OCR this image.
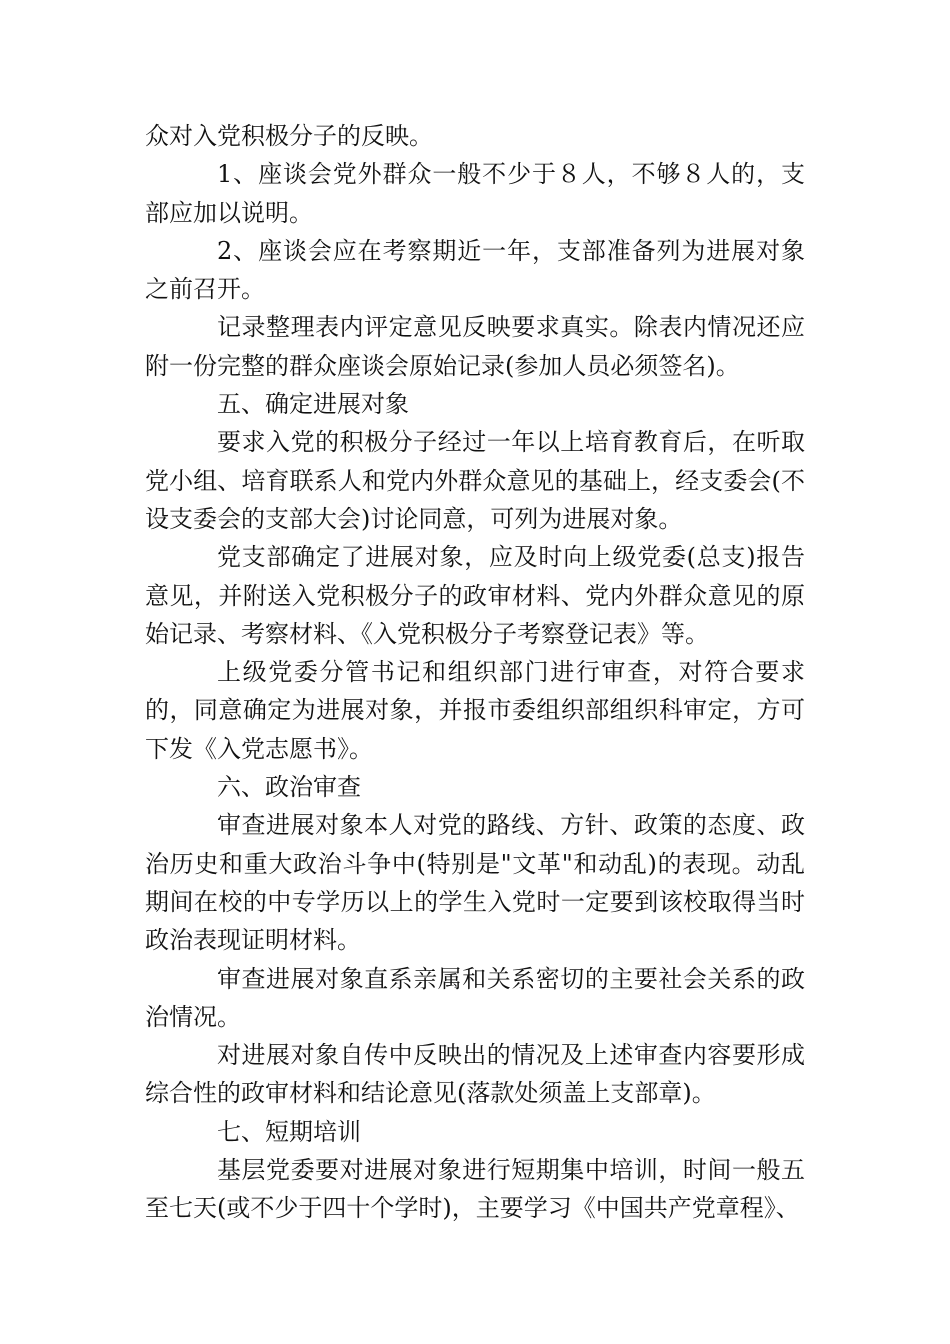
众对入党积极分子的反映。

1、座谈会党外群众一般不少于８人，不够８人的，支部应加以说明。

2、座谈会应在考察期近一年，支部准备列为进展对象之前召开。

记录整理表内评定意见反映要求真实。除表内情况还应附一份完整的群众座谈会原始记录(参加人员必须签名)。

五、确定进展对象

要求入党的积极分子经过一年以上培育教育后，在听取党小组、培育联系人和党内外群众意见的基础上，经支委会(不设支委会的支部大会)讨论同意，可列为进展对象。

党支部确定了进展对象，应及时向上级党委(总支)报告意见，并附送入党积极分子的政审材料、党内外群众意见的原始记录、考察材料、《入党积极分子考察登记表》等。

上级党委分管书记和组织部门进行审查，对符合要求的，同意确定为进展对象，并报市委组织部组织科审定，方可下发《入党志愿书》。

六、政治审查

审查进展对象本人对党的路线、方针、政策的态度、政治历史和重大政治斗争中(特别是"文革"和动乱)的表现。动乱期间在校的中专学历以上的学生入党时一定要到该校取得当时政治表现证明材料。

审查进展对象直系亲属和关系密切的主要社会关系的政治情况。

对进展对象自传中反映出的情况及上述审查内容要形成综合性的政审材料和结论意见(落款处须盖上支部章)。

七、短期培训

基层党委要对进展对象进行短期集中培训，时间一般五至七天(或不少于四十个学时)，主要学习《中国共产党章程》、
